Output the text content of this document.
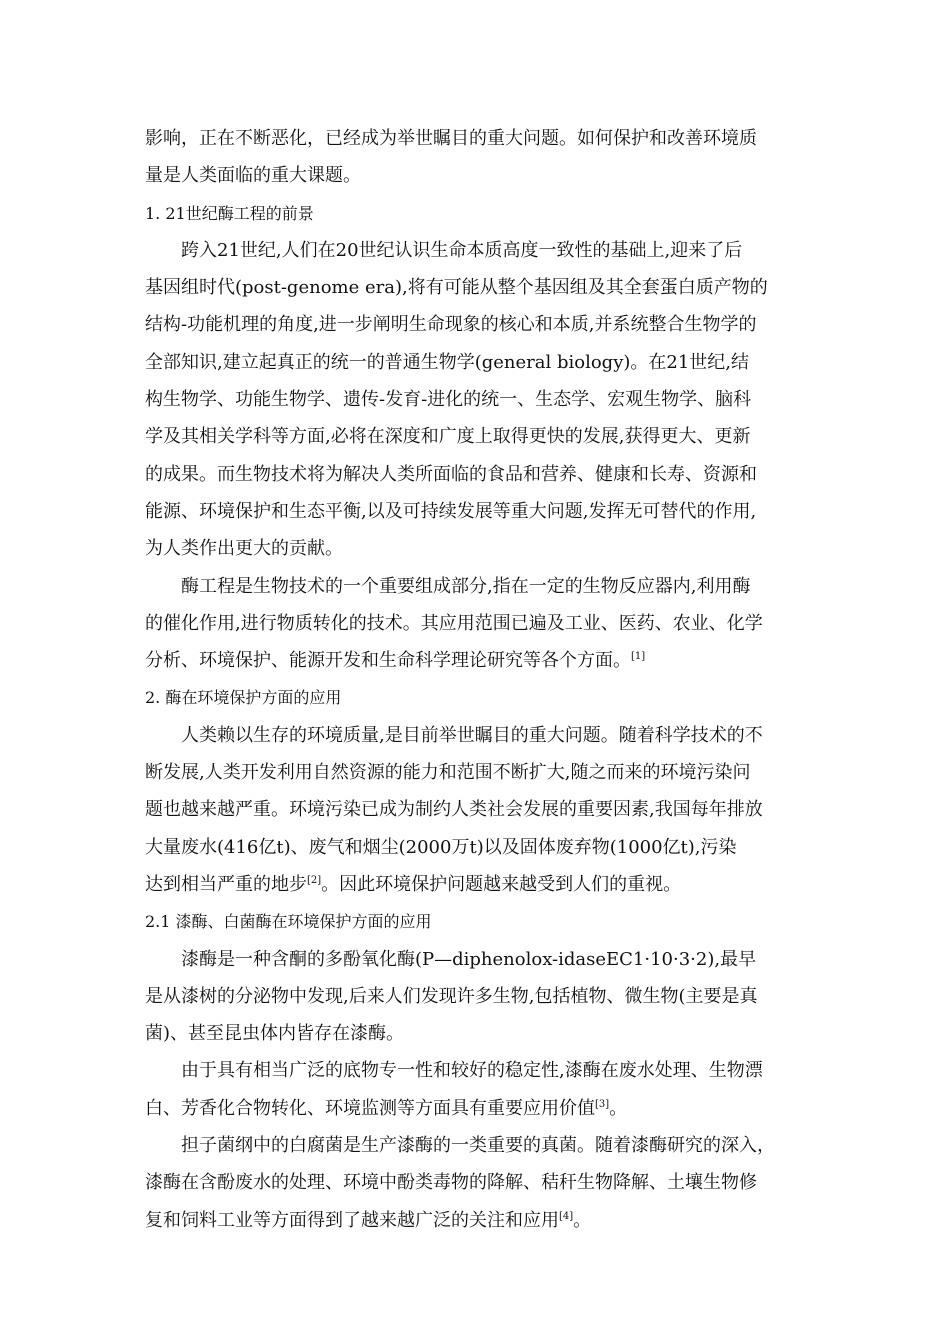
影响，正在不断恶化，已经成为举世瞩目的重大问题。如何保护和改善环境质
量是人类面临的重大课题。
1. 21世纪酶工程的前景
跨入21世纪,人们在20世纪认识生命本质高度一致性的基础上,迎来了后
基因组时代(post-genome era),将有可能从整个基因组及其全套蛋白质产物的
结构-功能机理的角度,进一步阐明生命现象的核心和本质,并系统整合生物学的
全部知识,建立起真正的统一的普通生物学(general biology)。在21世纪,结
构生物学、功能生物学、遗传-发育-进化的统一、生态学、宏观生物学、脑科
学及其相关学科等方面,必将在深度和广度上取得更快的发展,获得更大、更新
的成果。而生物技术将为解决人类所面临的食品和营养、健康和长寿、资源和
能源、环境保护和生态平衡,以及可持续发展等重大问题,发挥无可替代的作用,
为人类作出更大的贡献。
酶工程是生物技术的一个重要组成部分,指在一定的生物反应器内,利用酶
的催化作用,进行物质转化的技术。其应用范围已遍及工业、医药、农业、化学
分析、环境保护、能源开发和生命科学理论研究等各个方面。[1]
2. 酶在环境保护方面的应用
人类赖以生存的环境质量,是目前举世瞩目的重大问题。随着科学技术的不
断发展,人类开发利用自然资源的能力和范围不断扩大,随之而来的环境污染问
题也越来越严重。环境污染已成为制约人类社会发展的重要因素,我国每年排放
大量废水(416亿t)、废气和烟尘(2000万t)以及固体废弃物(1000亿t),污染
达到相当严重的地步[2]。因此环境保护问题越来越受到人们的重视。
2.1 漆酶、白菌酶在环境保护方面的应用
漆酶是一种含酮的多酚氧化酶(P—diphenolox-idaseEC1·10·3·2),最早
是从漆树的分泌物中发现,后来人们发现许多生物,包括植物、微生物(主要是真
菌)、甚至昆虫体内皆存在漆酶。
由于具有相当广泛的底物专一性和较好的稳定性,漆酶在废水处理、生物漂
白、芳香化合物转化、环境监测等方面具有重要应用价值[3]。
担子菌纲中的白腐菌是生产漆酶的一类重要的真菌。随着漆酶研究的深入，
漆酶在含酚废水的处理、环境中酚类毒物的降解、秸秆生物降解、土壤生物修
复和饲料工业等方面得到了越来越广泛的关注和应用[4]。
